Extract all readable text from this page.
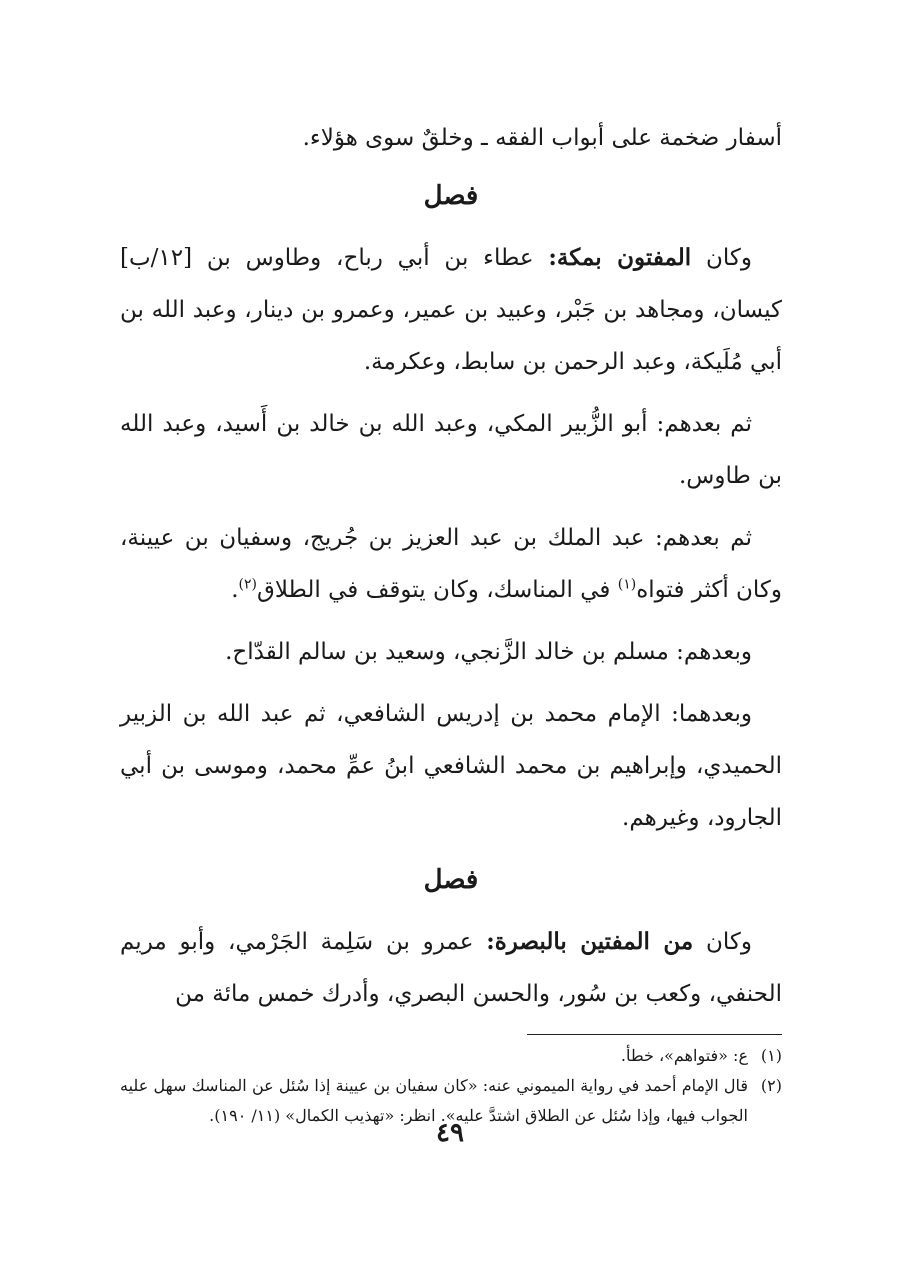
أسفار ضخمة على أبواب الفقه ـ وخلقٌ سوى هؤلاء.

فصل

وكان المفتون بمكة: عطاء بن أبي رباح، وطاوس بن [١٢/ب] كيسان، ومجاهد بن جَبْر، وعبيد بن عمير، وعمرو بن دينار، وعبد الله بن أبي مُلَيكة، وعبد الرحمن بن سابط، وعكرمة.

ثم بعدهم: أبو الزُّبير المكي، وعبد الله بن خالد بن أَسيد، وعبد الله بن طاوس.

ثم بعدهم: عبد الملك بن عبد العزيز بن جُريج، وسفيان بن عيينة، وكان أكثر فتواه$^{(١)}$ في المناسك، وكان يتوقف في الطلاق$^{(٢)}$.

وبعدهم: مسلم بن خالد الزَّنجي، وسعيد بن سالم القدّاح.

وبعدهما: الإمام محمد بن إدريس الشافعي، ثم عبد الله بن الزبير الحميدي، وإبراهيم بن محمد الشافعي ابنُ عمِّ محمد، وموسى بن أبي الجارود، وغيرهم.

فصل

وكان من المفتين بالبصرة: عمرو بن سَلِمة الجَرْمي، وأبو مريم الحنفي، وكعب بن سُور، والحسن البصري، وأدرك خمس مائة من

(١)
ع: «فتواهم»، خطأ.
(٢)
قال الإمام أحمد في رواية الميموني عنه: «كان سفيان بن عيينة إذا سُئل عن المناسك سهل عليه الجواب فيها، وإذا سُئل عن الطلاق اشتدَّ عليه». انظر: «تهذيب الكمال» (١١/ ١٩٠).
٤٩
